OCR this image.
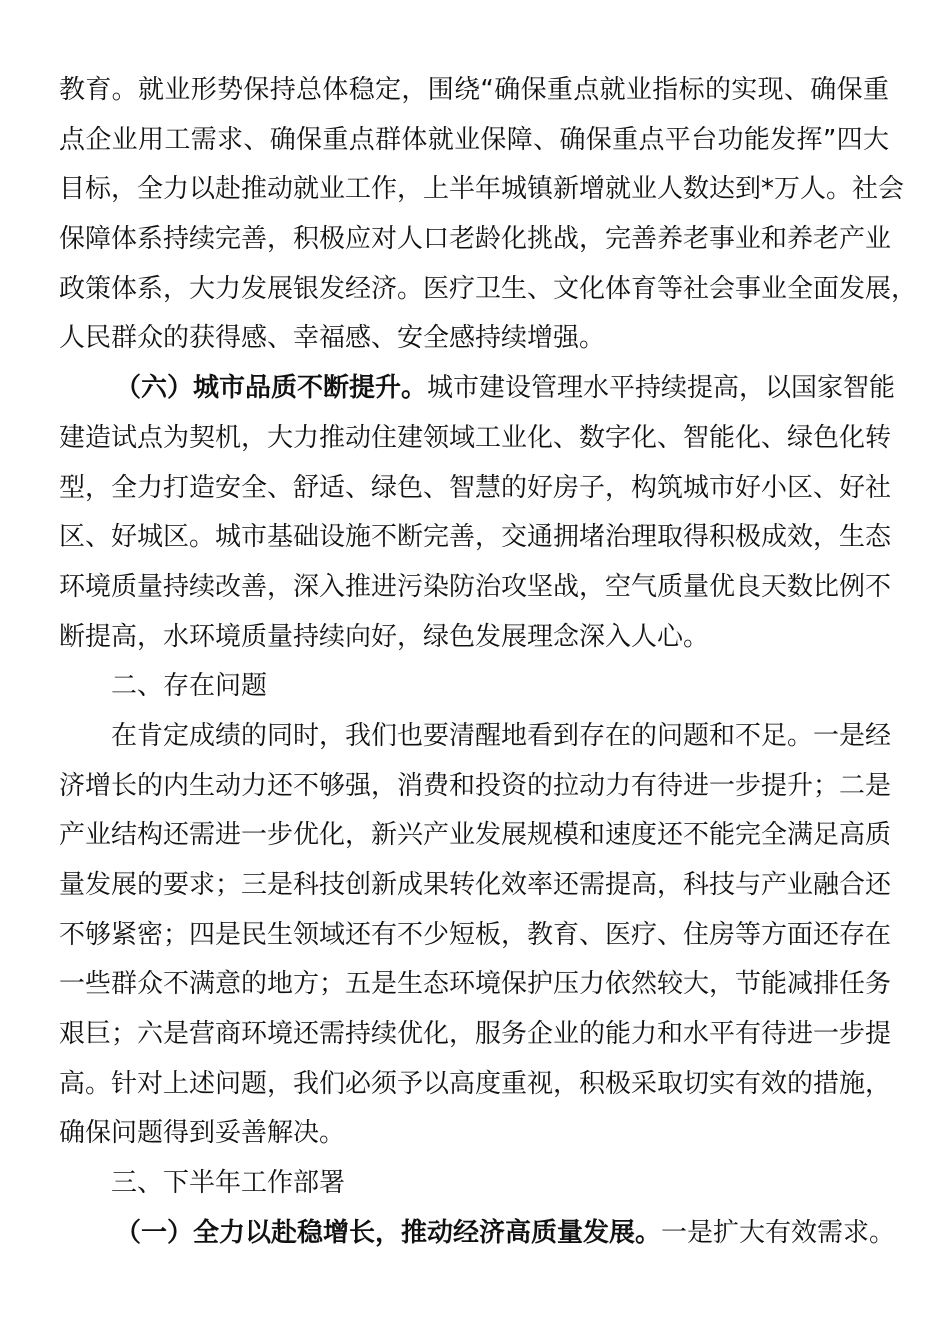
教育。就业形势保持总体稳定，围绕“确保重点就业指标的实现、确保重
点企业用工需求、确保重点群体就业保障、确保重点平台功能发挥”四大
目标，全力以赴推动就业工作，上半年城镇新增就业人数达到*万人。社会
保障体系持续完善，积极应对人口老龄化挑战，完善养老事业和养老产业
政策体系，大力发展银发经济。医疗卫生、文化体育等社会事业全面发展，
人民群众的获得感、幸福感、安全感持续增强。
（六）城市品质不断提升。城市建设管理水平持续提高，以国家智能
建造试点为契机，大力推动住建领域工业化、数字化、智能化、绿色化转
型，全力打造安全、舒适、绿色、智慧的好房子，构筑城市好小区、好社
区、好城区。城市基础设施不断完善，交通拥堵治理取得积极成效，生态
环境质量持续改善，深入推进污染防治攻坚战，空气质量优良天数比例不
断提高，水环境质量持续向好，绿色发展理念深入人心。
二、存在问题
在肯定成绩的同时，我们也要清醒地看到存在的问题和不足。一是经
济增长的内生动力还不够强，消费和投资的拉动力有待进一步提升；二是
产业结构还需进一步优化，新兴产业发展规模和速度还不能完全满足高质
量发展的要求；三是科技创新成果转化效率还需提高，科技与产业融合还
不够紧密；四是民生领域还有不少短板，教育、医疗、住房等方面还存在
一些群众不满意的地方；五是生态环境保护压力依然较大，节能减排任务
艰巨；六是营商环境还需持续优化，服务企业的能力和水平有待进一步提
高。针对上述问题，我们必须予以高度重视，积极采取切实有效的措施，
确保问题得到妥善解决。
三、下半年工作部署
（一）全力以赴稳增长，推动经济高质量发展。一是扩大有效需求。
